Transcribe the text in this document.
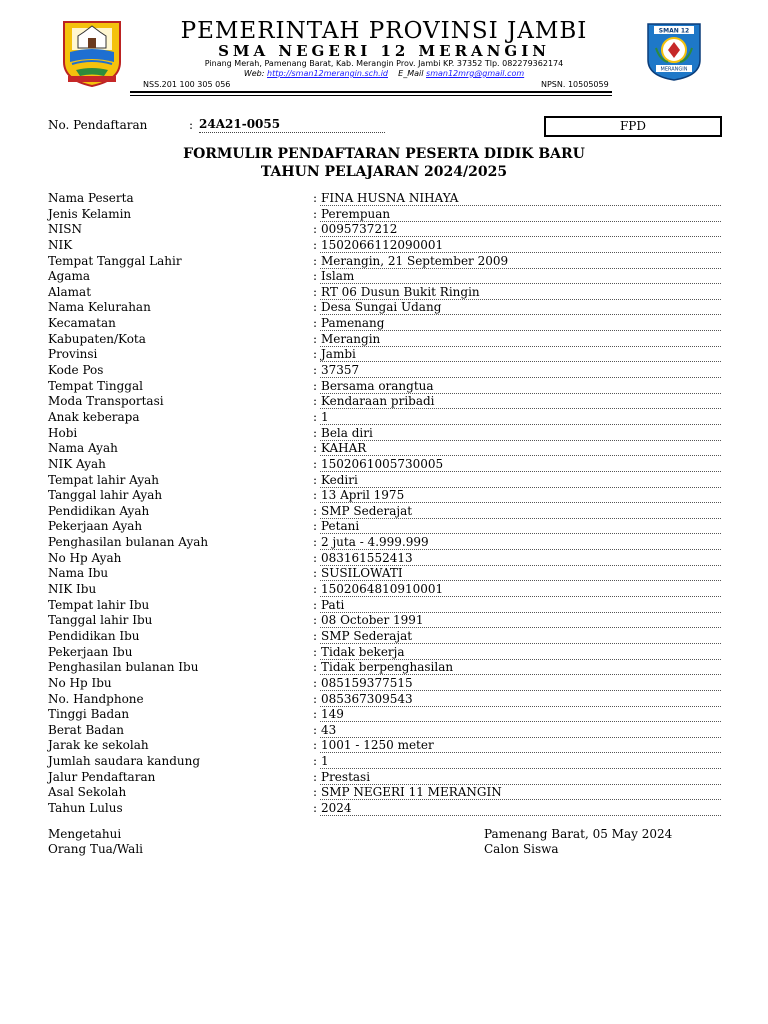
PEMERINTAH PROVINSI JAMBI
SMA NEGERI 12 MERANGIN
Pinang Merah, Pamenang Barat, Kab. Merangin Prov. Jambi KP. 37352 Tlp. 082279362174
Web: http://sman12merangin.sch.id E_Mail sman12mrg@gmail.com
NSS.201 100 305 056	NPSN. 10505059
SMAN 12
MERANGIN
No. Pendaftaran	: 24A21-0055	FPD
FORMULIR PENDAFTARAN PESERTA DIDIK BARU
TAHUN PELAJARAN 2024/2025
Nama Peserta	: FINA HUSNA NIHAYA
Jenis Kelamin	: Perempuan
NISN	: 0095737212
NIK	: 1502066112090001
Tempat Tanggal Lahir	: Merangin, 21 September 2009
Agama	: Islam
Alamat	: RT 06 Dusun Bukit Ringin
Nama Kelurahan	: Desa Sungai Udang
Kecamatan	: Pamenang
Kabupaten/Kota	: Merangin
Provinsi	: Jambi
Kode Pos	: 37357
Tempat Tinggal	: Bersama orangtua
Moda Transportasi	: Kendaraan pribadi
Anak keberapa	: 1
Hobi	: Bela diri
Nama Ayah	: KAHAR
NIK Ayah	: 1502061005730005
Tempat lahir Ayah	: Kediri
Tanggal lahir Ayah	: 13 April 1975
Pendidikan Ayah	: SMP Sederajat
Pekerjaan Ayah	: Petani
Penghasilan bulanan Ayah	: 2 juta - 4.999.999
No Hp Ayah	: 083161552413
Nama Ibu	: SUSILOWATI
NIK Ibu	: 1502064810910001
Tempat lahir Ibu	: Pati
Tanggal lahir Ibu	: 08 October 1991
Pendidikan Ibu	: SMP Sederajat
Pekerjaan Ibu	: Tidak bekerja
Penghasilan bulanan Ibu	: Tidak berpenghasilan
No Hp Ibu	: 085159377515
No. Handphone	: 085367309543
Tinggi Badan	: 149
Berat Badan	: 43
Jarak ke sekolah	: 1001 - 1250 meter
Jumlah saudara kandung	: 1
Jalur Pendaftaran	: Prestasi
Asal Sekolah	: SMP NEGERI 11 MERANGIN
Tahun Lulus	: 2024
Mengetahui
Orang Tua/Wali
Pamenang Barat, 05 May 2024
Calon Siswa
